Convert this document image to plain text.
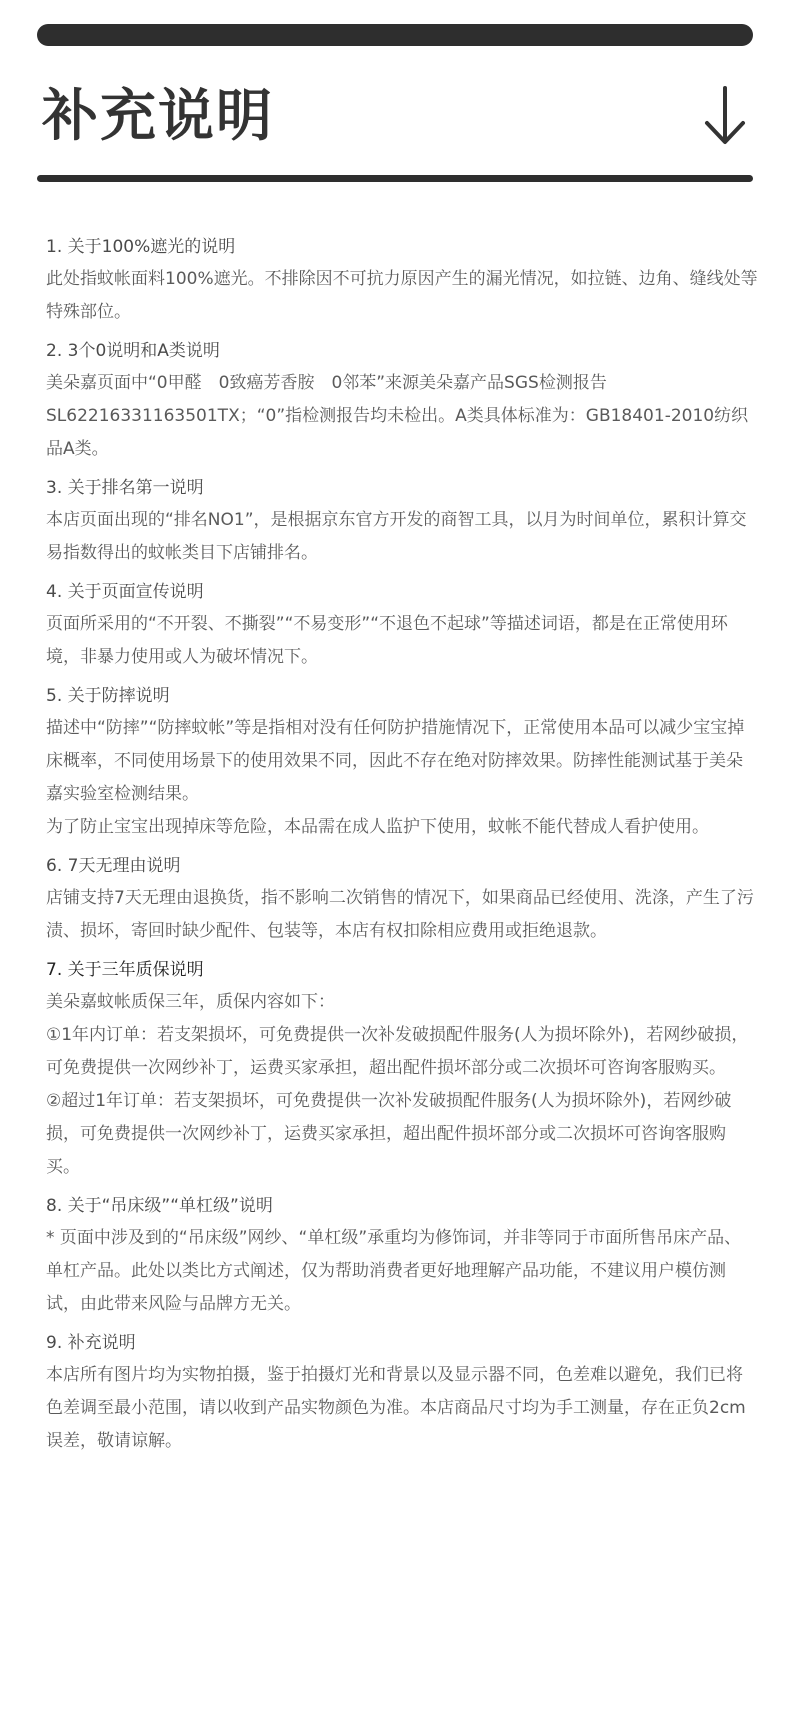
补充说明
1. 关于100%遮光的说明

此处指蚊帐面料100%遮光。不排除因不可抗力原因产生的漏光情况，如拉链、边角、缝线处等特殊部位。

2. 3个0说明和A类说明

美朵嘉页面中“0甲醛　0致癌芳香胺　0邻苯”来源美朵嘉产品SGS检测报告SL62216331163501TX；“0”指检测报告均未检出。A类具体标准为：GB18401-2010纺织品A类。

3. 关于排名第一说明

本店页面出现的“排名NO1”，是根据京东官方开发的商智工具，以月为时间单位，累积计算交易指数得出的蚊帐类目下店铺排名。

4. 关于页面宣传说明

页面所采用的“不开裂、不撕裂”“不易变形”“不退色不起球”等描述词语，都是在正常使用环境，非暴力使用或人为破坏情况下。

5. 关于防摔说明

描述中“防摔”“防摔蚊帐”等是指相对没有任何防护措施情况下，正常使用本品可以减少宝宝掉床概率，不同使用场景下的使用效果不同，因此不存在绝对防摔效果。防摔性能测试基于美朵嘉实验室检测结果。

为了防止宝宝出现掉床等危险，本品需在成人监护下使用，蚊帐不能代替成人看护使用。

6. 7天无理由说明

店铺支持7天无理由退换货，指不影响二次销售的情况下，如果商品已经使用、洗涤，产生了污渍、损坏，寄回时缺少配件、包装等，本店有权扣除相应费用或拒绝退款。

7. 关于三年质保说明

美朵嘉蚊帐质保三年，质保内容如下：

①1年内订单：若支架损坏，可免费提供一次补发破损配件服务(人为损坏除外)，若网纱破损，可免费提供一次网纱补丁，运费买家承担，超出配件损坏部分或二次损坏可咨询客服购买。

②超过1年订单：若支架损坏，可免费提供一次补发破损配件服务(人为损坏除外)，若网纱破损，可免费提供一次网纱补丁，运费买家承担，超出配件损坏部分或二次损坏可咨询客服购买。

8. 关于“吊床级”“单杠级”说明

* 页面中涉及到的“吊床级”网纱、“单杠级”承重均为修饰词，并非等同于市面所售吊床产品、单杠产品。此处以类比方式阐述，仅为帮助消费者更好地理解产品功能，不建议用户模仿测试，由此带来风险与品牌方无关。

9. 补充说明

本店所有图片均为实物拍摄，鉴于拍摄灯光和背景以及显示器不同，色差难以避免，我们已将色差调至最小范围，请以收到产品实物颜色为准。本店商品尺寸均为手工测量，存在正负2cm误差，敬请谅解。
